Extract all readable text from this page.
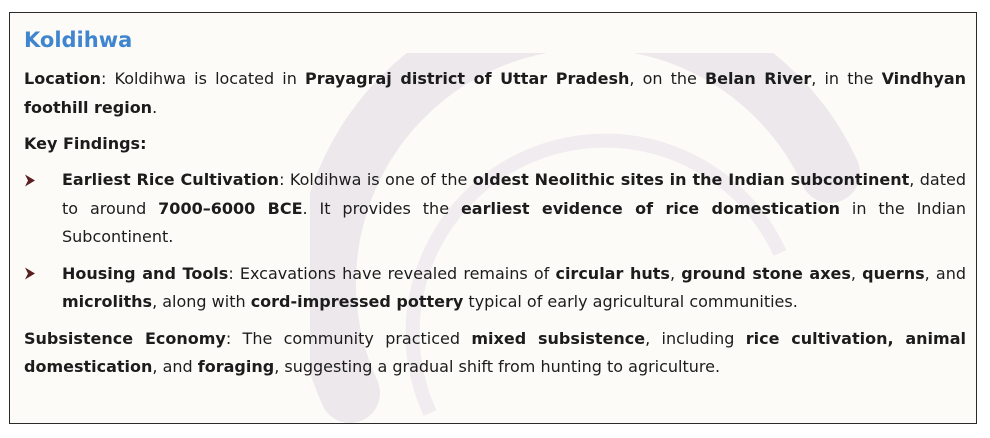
Koldihwa

Location: Koldihwa is located in Prayagraj district of Uttar Pradesh, on the Belan River, in the Vindhyan foothill region.

Key Findings:
Earliest Rice Cultivation: Koldihwa is one of the oldest Neolithic sites in the Indian subcontinent, dated to around 7000–6000 BCE. It provides the earliest evidence of rice domestication in the Indian Subcontinent.
Housing and Tools: Excavations have revealed remains of circular huts, ground stone axes, querns, and microliths, along with cord-impressed pottery typical of early agricultural communities.

Subsistence Economy: The community practiced mixed subsistence, including rice cultivation, animal domestication, and foraging, suggesting a gradual shift from hunting to agriculture.
